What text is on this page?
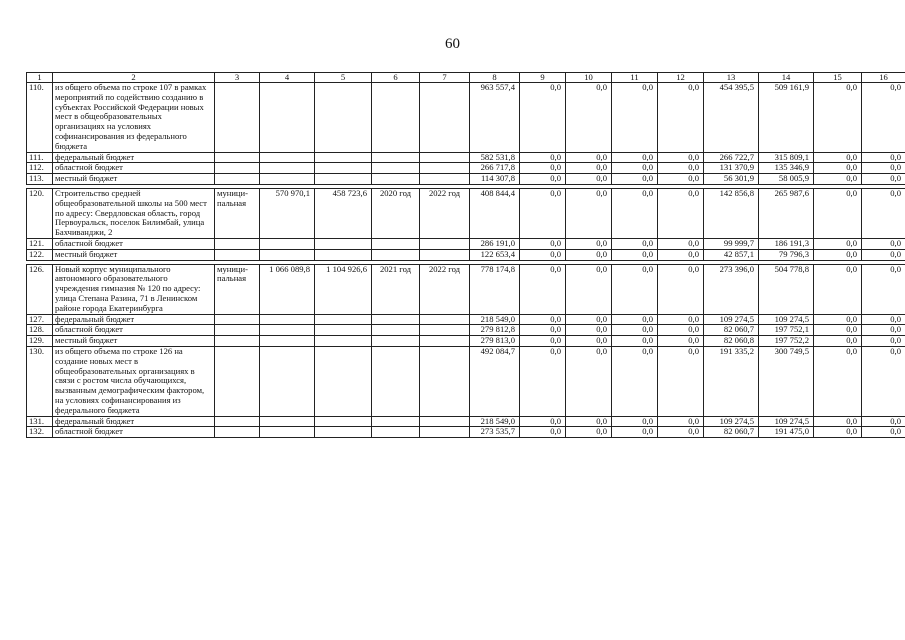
60
1	2	3	4	5	6	7	8	9	10	11	12	13	14	15	16
110.	из общего объема по строке 107 в рамках мероприятий по содействию созданию в субъектах Российской Федерации новых мест в общеобразовательных организациях на условиях софинансирования из федерального бюджета						963 557,4	0,0	0,0	0,0	0,0	454 395,5	509 161,9	0,0	0,0
111.	федеральный бюджет						582 531,8	0,0	0,0	0,0	0,0	266 722,7	315 809,1	0,0	0,0
112.	областной бюджет						266 717,8	0,0	0,0	0,0	0,0	131 370,9	135 346,9	0,0	0,0
113.	местный бюджет						114 307,8	0,0	0,0	0,0	0,0	56 301,9	58 005,9	0,0	0,0

120.	Строительство средней общеобразовательной школы на 500 мест по адресу: Свердловская область, город Первоуральск, поселок Билимбай, улица Бахчиванджи, 2	муници-пальная	570 970,1	458 723,6	2020 год	2022 год	408 844,4	0,0	0,0	0,0	0,0	142 856,8	265 987,6	0,0	0,0
121.	областной бюджет						286 191,0	0,0	0,0	0,0	0,0	99 999,7	186 191,3	0,0	0,0
122.	местный бюджет						122 653,4	0,0	0,0	0,0	0,0	42 857,1	79 796,3	0,0	0,0

126.	Новый корпус муниципального автономного образовательного учреждения гимназия № 120 по адресу: улица Степана Разина, 71 в Ленинском районе города Екатеринбурга	муници-пальная	1 066 089,8	1 104 926,6	2021 год	2022 год	778 174,8	0,0	0,0	0,0	0,0	273 396,0	504 778,8	0,0	0,0
127.	федеральный бюджет						218 549,0	0,0	0,0	0,0	0,0	109 274,5	109 274,5	0,0	0,0
128.	областной бюджет						279 812,8	0,0	0,0	0,0	0,0	82 060,7	197 752,1	0,0	0,0
129.	местный бюджет						279 813,0	0,0	0,0	0,0	0,0	82 060,8	197 752,2	0,0	0,0
130.	из общего объема по строке 126 на создание новых мест в общеобразовательных организациях в связи с ростом числа обучающихся, вызванным демографическим фактором, на условиях софинансирования из федерального бюджета						492 084,7	0,0	0,0	0,0	0,0	191 335,2	300 749,5	0,0	0,0
131.	федеральный бюджет						218 549,0	0,0	0,0	0,0	0,0	109 274,5	109 274,5	0,0	0,0
132.	областной бюджет						273 535,7	0,0	0,0	0,0	0,0	82 060,7	191 475,0	0,0	0,0
